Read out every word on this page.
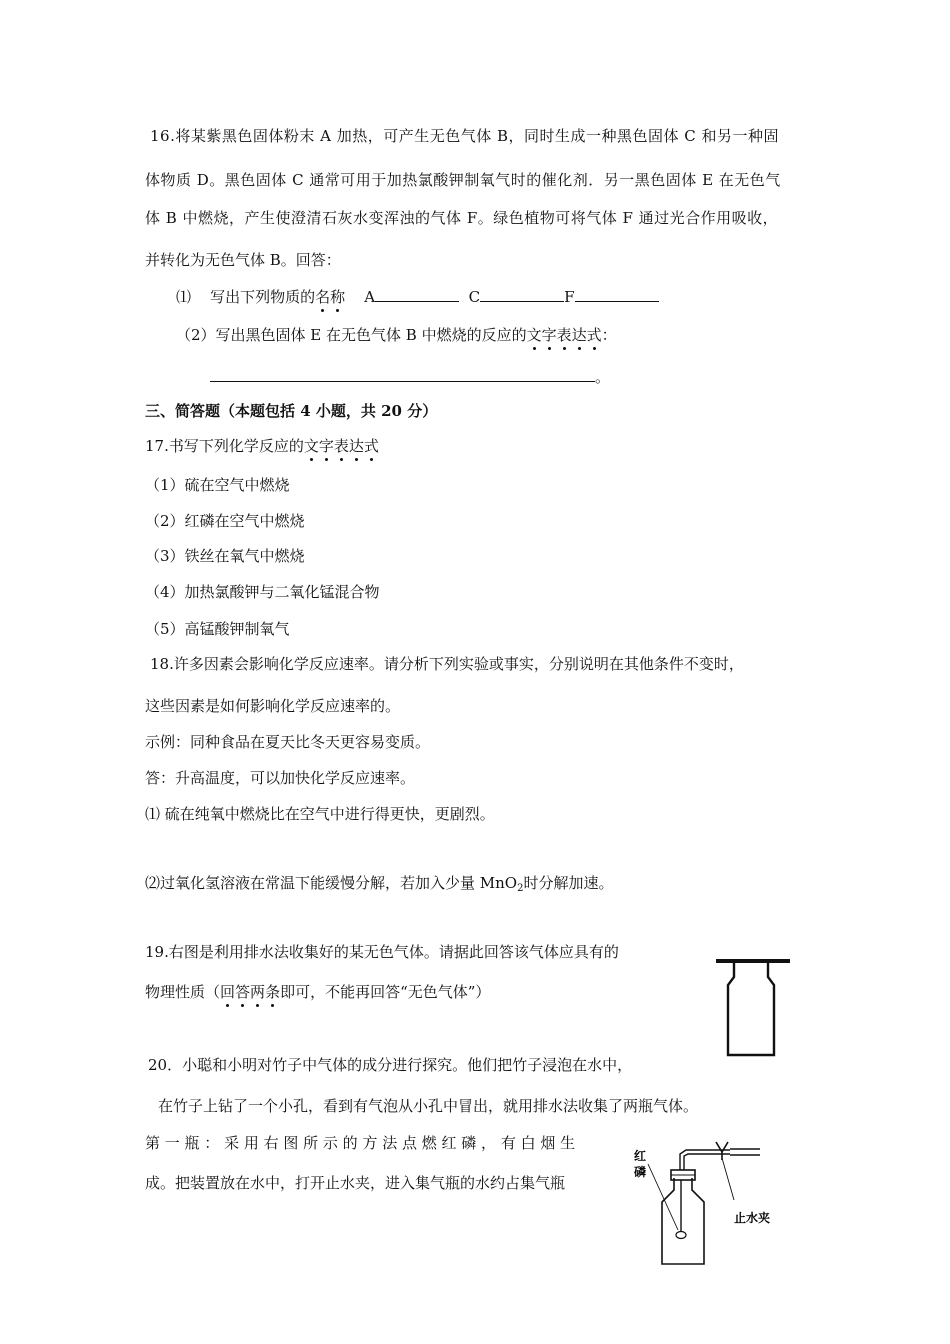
16.将某紫黑色固体粉末 A 加热，可产生无色气体 B，同时生成一种黑色固体 C 和另一种固
体物质 D。黑色固体 C 通常可用于加热氯酸钾制氧气时的催化剂．另一黑色固体 E 在无色气
体 B 中燃烧，产生使澄清石灰水变浑浊的气体 F。绿色植物可将气体 F 通过光合作用吸收，
并转化为无色气体 B。回答：
⑴ 写出下列物质的名称 A	C	F
（2）写出黑色固体 E 在无色气体 B 中燃烧的反应的文字表达式：
。
三、简答题（本题包括 4 小题，共 20 分）
17.书写下列化学反应的文字表达式
（1）硫在空气中燃烧
（2）红磷在空气中燃烧
（3）铁丝在氧气中燃烧
（4）加热氯酸钾与二氧化锰混合物
（5）高锰酸钾制氧气
18.许多因素会影响化学反应速率。请分析下列实验或事实，分别说明在其他条件不变时，
这些因素是如何影响化学反应速率的。
示例：同种食品在夏天比冬天更容易变质。
答：升高温度，可以加快化学反应速率。
⑴ 硫在纯氧中燃烧比在空气中进行得更快，更剧烈。
⑵过氧化氢溶液在常温下能缓慢分解，若加入少量 MnO$_2$时分解加速。
19.右图是利用排水法收集好的某无色气体。请据此回答该气体应具有的
物理性质（回答两条即可，不能再回答“无色气体”）
20．小聪和小明对竹子中气体的成分进行探究。他们把竹子浸泡在水中，
在竹子上钻了一个小孔，看到有气泡从小孔中冒出，就用排水法收集了两瓶气体。
第 一 瓶 ： 采 用 右 图 所 示 的 方 法 点 燃 红 磷 ， 有 白 烟 生
成。把装置放在水中，打开止水夹，进入集气瓶的水约占集气瓶
红
磷
止水夹
